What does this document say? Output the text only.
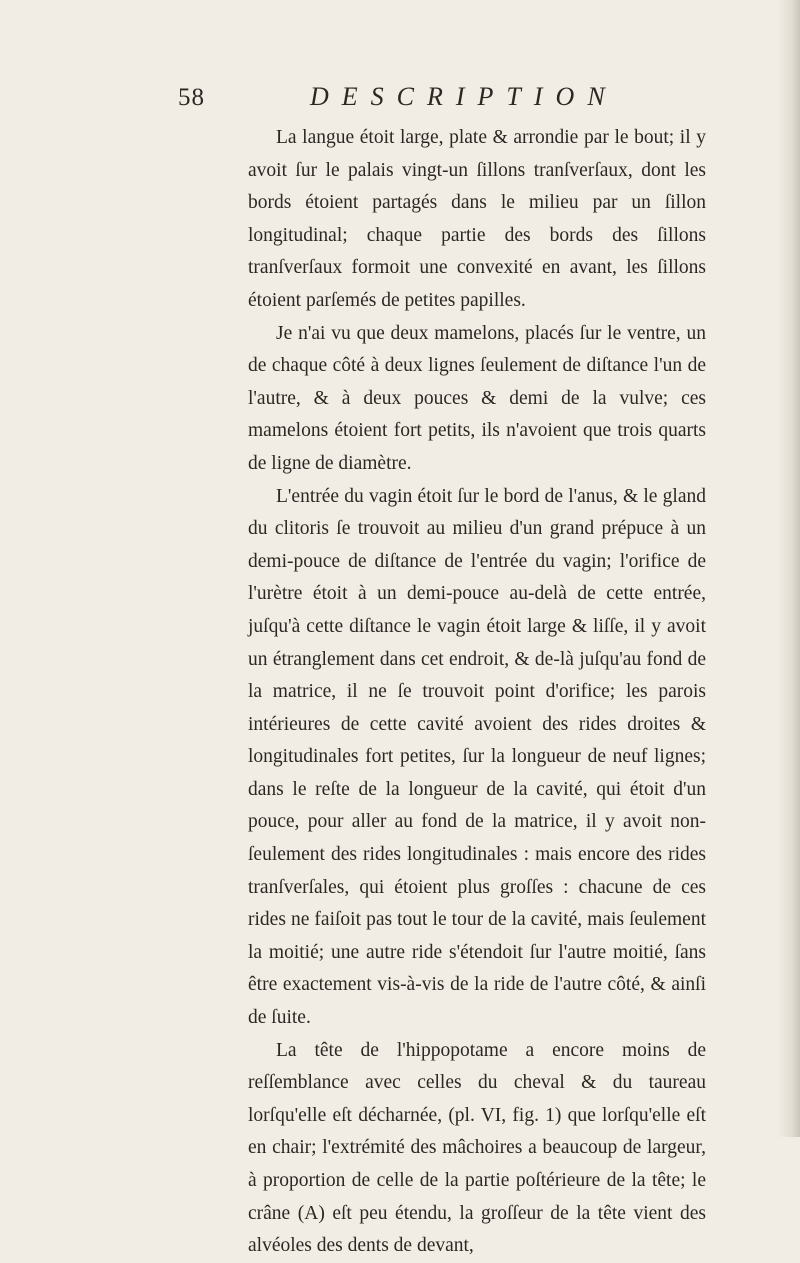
58	DESCRIPTION

La langue étoit large, plate & arrondie par le bout; il y avoit ſur le palais vingt-un ſillons tranſverſaux, dont les bords étoient partagés dans le milieu par un ſillon longitudinal; chaque partie des bords des ſillons tranſverſaux formoit une convexité en avant, les ſillons étoient parſemés de petites papilles.

Je n'ai vu que deux mamelons, placés ſur le ventre, un de chaque côté à deux lignes ſeulement de diſtance l'un de l'autre, & à deux pouces & demi de la vulve; ces mamelons étoient fort petits, ils n'avoient que trois quarts de ligne de diamètre.

L'entrée du vagin étoit ſur le bord de l'anus, & le gland du clitoris ſe trouvoit au milieu d'un grand prépuce à un demi-pouce de diſtance de l'entrée du vagin; l'orifice de l'urètre étoit à un demi-pouce au-delà de cette entrée, juſqu'à cette diſtance le vagin étoit large & liſſe, il y avoit un étranglement dans cet endroit, & de-là juſqu'au fond de la matrice, il ne ſe trouvoit point d'orifice; les parois intérieures de cette cavité avoient des rides droites & longitudinales fort petites, ſur la longueur de neuf lignes; dans le reſte de la longueur de la cavité, qui étoit d'un pouce, pour aller au fond de la matrice, il y avoit non-ſeulement des rides longitudinales : mais encore des rides tranſverſales, qui étoient plus groſſes : chacune de ces rides ne faiſoit pas tout le tour de la cavité, mais ſeulement la moitié; une autre ride s'étendoit ſur l'autre moitié, ſans être exactement vis-à-vis de la ride de l'autre côté, & ainſi de ſuite.

La tête de l'hippopotame a encore moins de reſſemblance avec celles du cheval & du taureau lorſqu'elle eſt décharnée, (pl. VI, fig. 1) que lorſqu'elle eſt en chair; l'extrémité des mâchoires a beaucoup de largeur, à proportion de celle de la partie poſtérieure de la tête; le crâne (A) eſt peu étendu, la groſſeur de la tête vient des alvéoles des dents de devant,
